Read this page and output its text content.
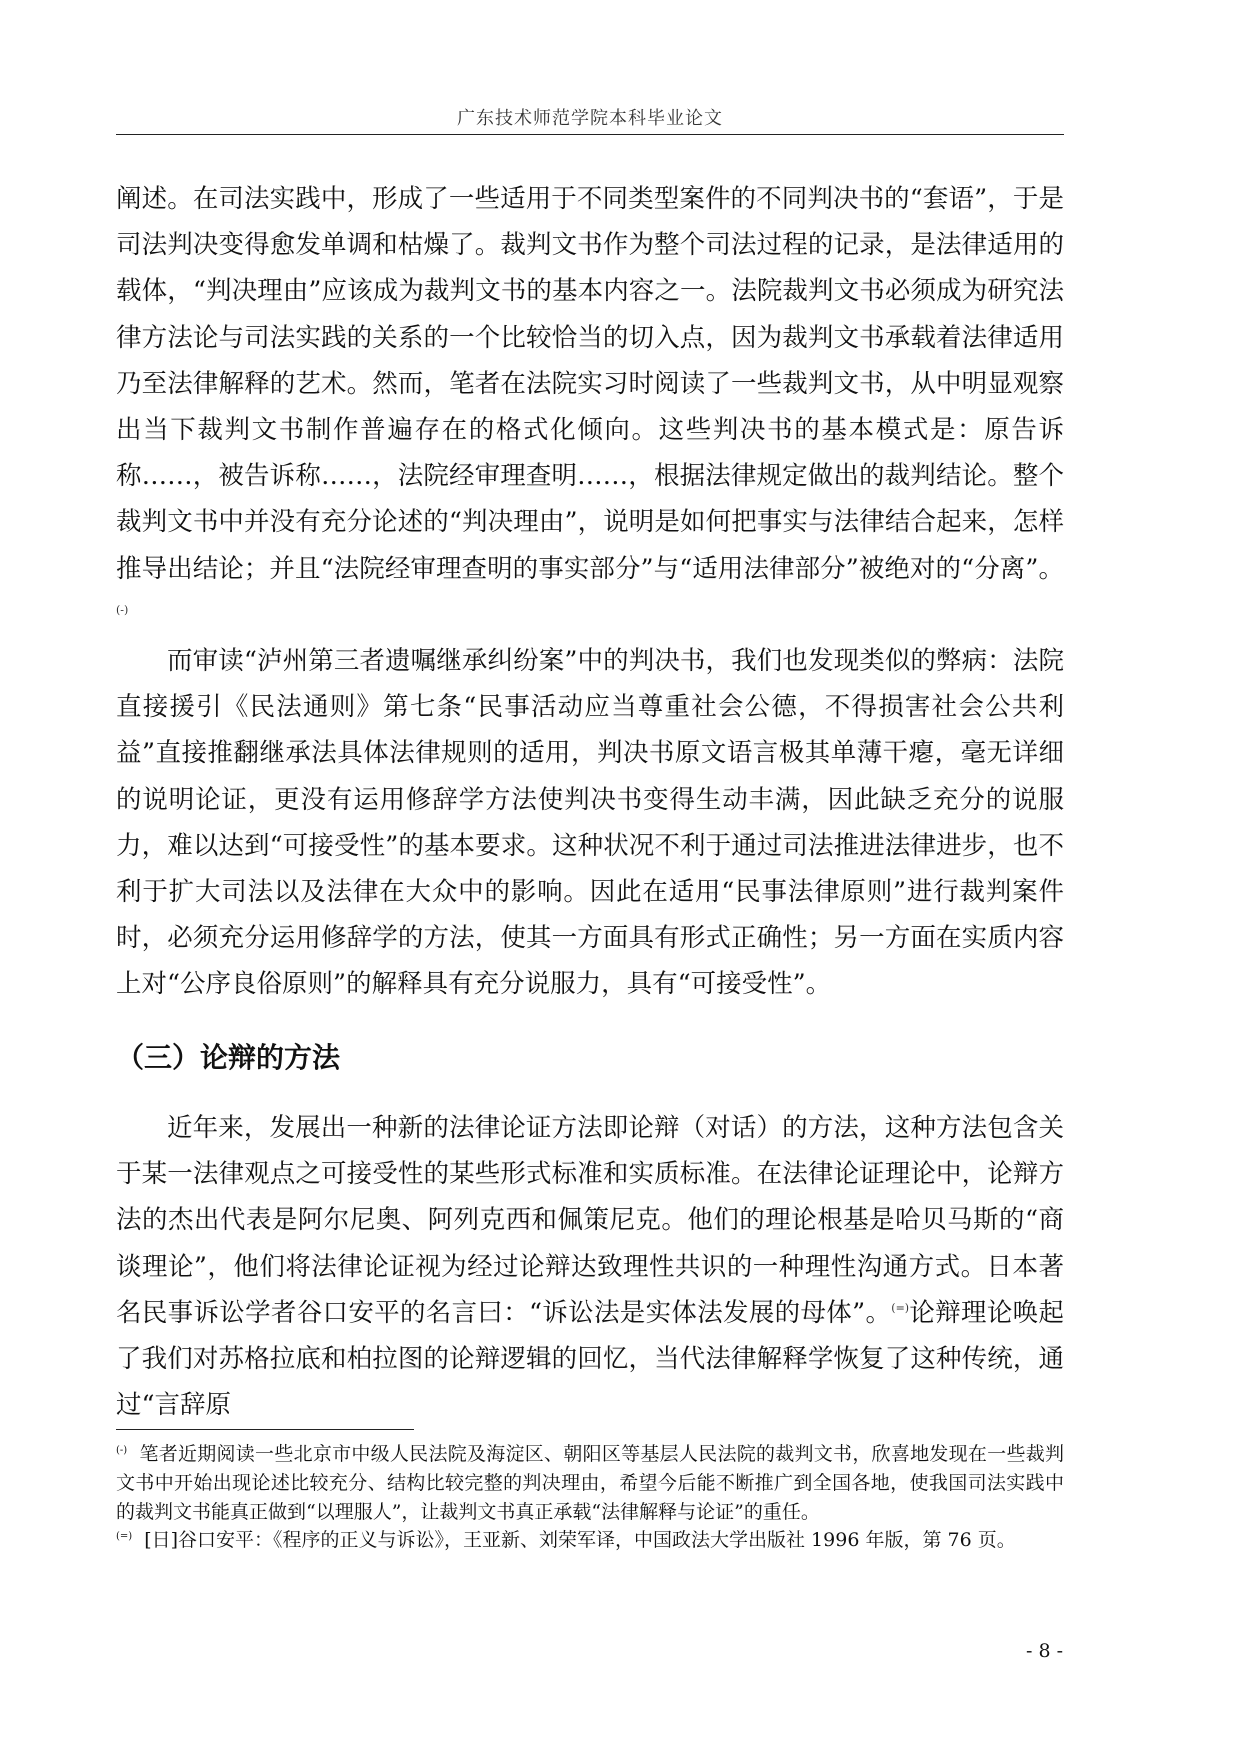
广东技术师范学院本科毕业论文

阐述。在司法实践中，形成了一些适用于不同类型案件的不同判决书的“套语”，于是司法判决变得愈发单调和枯燥了。裁判文书作为整个司法过程的记录，是法律适用的载体，“判决理由”应该成为裁判文书的基本内容之一。法院裁判文书必须成为研究法律方法论与司法实践的关系的一个比较恰当的切入点，因为裁判文书承载着法律适用乃至法律解释的艺术。然而，笔者在法院实习时阅读了一些裁判文书，从中明显观察出当下裁判文书制作普遍存在的格式化倾向。这些判决书的基本模式是：原告诉称……，被告诉称……，法院经审理查明……，根据法律规定做出的裁判结论。整个裁判文书中并没有充分论述的“判决理由”，说明是如何把事实与法律结合起来，怎样推导出结论；并且“法院经审理查明的事实部分”与“适用法律部分”被绝对的“分离”。(-)

而审读“泸州第三者遗嘱继承纠纷案”中的判决书，我们也发现类似的弊病：法院直接援引《民法通则》第七条“民事活动应当尊重社会公德，不得损害社会公共利益”直接推翻继承法具体法律规则的适用，判决书原文语言极其单薄干瘪，毫无详细的说明论证，更没有运用修辞学方法使判决书变得生动丰满，因此缺乏充分的说服力，难以达到“可接受性”的基本要求。这种状况不利于通过司法推进法律进步，也不利于扩大司法以及法律在大众中的影响。因此在适用“民事法律原则”进行裁判案件时，必须充分运用修辞学的方法，使其一方面具有形式正确性；另一方面在实质内容上对“公序良俗原则”的解释具有充分说服力，具有“可接受性”。

（三）论辩的方法

近年来，发展出一种新的法律论证方法即论辩（对话）的方法，这种方法包含关于某一法律观点之可接受性的某些形式标准和实质标准。在法律论证理论中，论辩方法的杰出代表是阿尔尼奥、阿列克西和佩策尼克。他们的理论根基是哈贝马斯的“商谈理论”，他们将法律论证视为经过论辩达致理性共识的一种理性沟通方式。日本著名民事诉讼学者谷口安平的名言曰：“诉讼法是实体法发展的母体”。(=)论辩理论唤起了我们对苏格拉底和柏拉图的论辩逻辑的回忆，当代法律解释学恢复了这种传统，通过“言辞原

(-) 笔者近期阅读一些北京市中级人民法院及海淀区、朝阳区等基层人民法院的裁判文书，欣喜地发现在一些裁判文书中开始出现论述比较充分、结构比较完整的判决理由，希望今后能不断推广到全国各地，使我国司法实践中的裁判文书能真正做到“以理服人”，让裁判文书真正承载“法律解释与论证”的重任。

(=) [日]谷口安平：《程序的正义与诉讼》，王亚新、刘荣军译，中国政法大学出版社 1996 年版，第 76 页。

- 8 -
